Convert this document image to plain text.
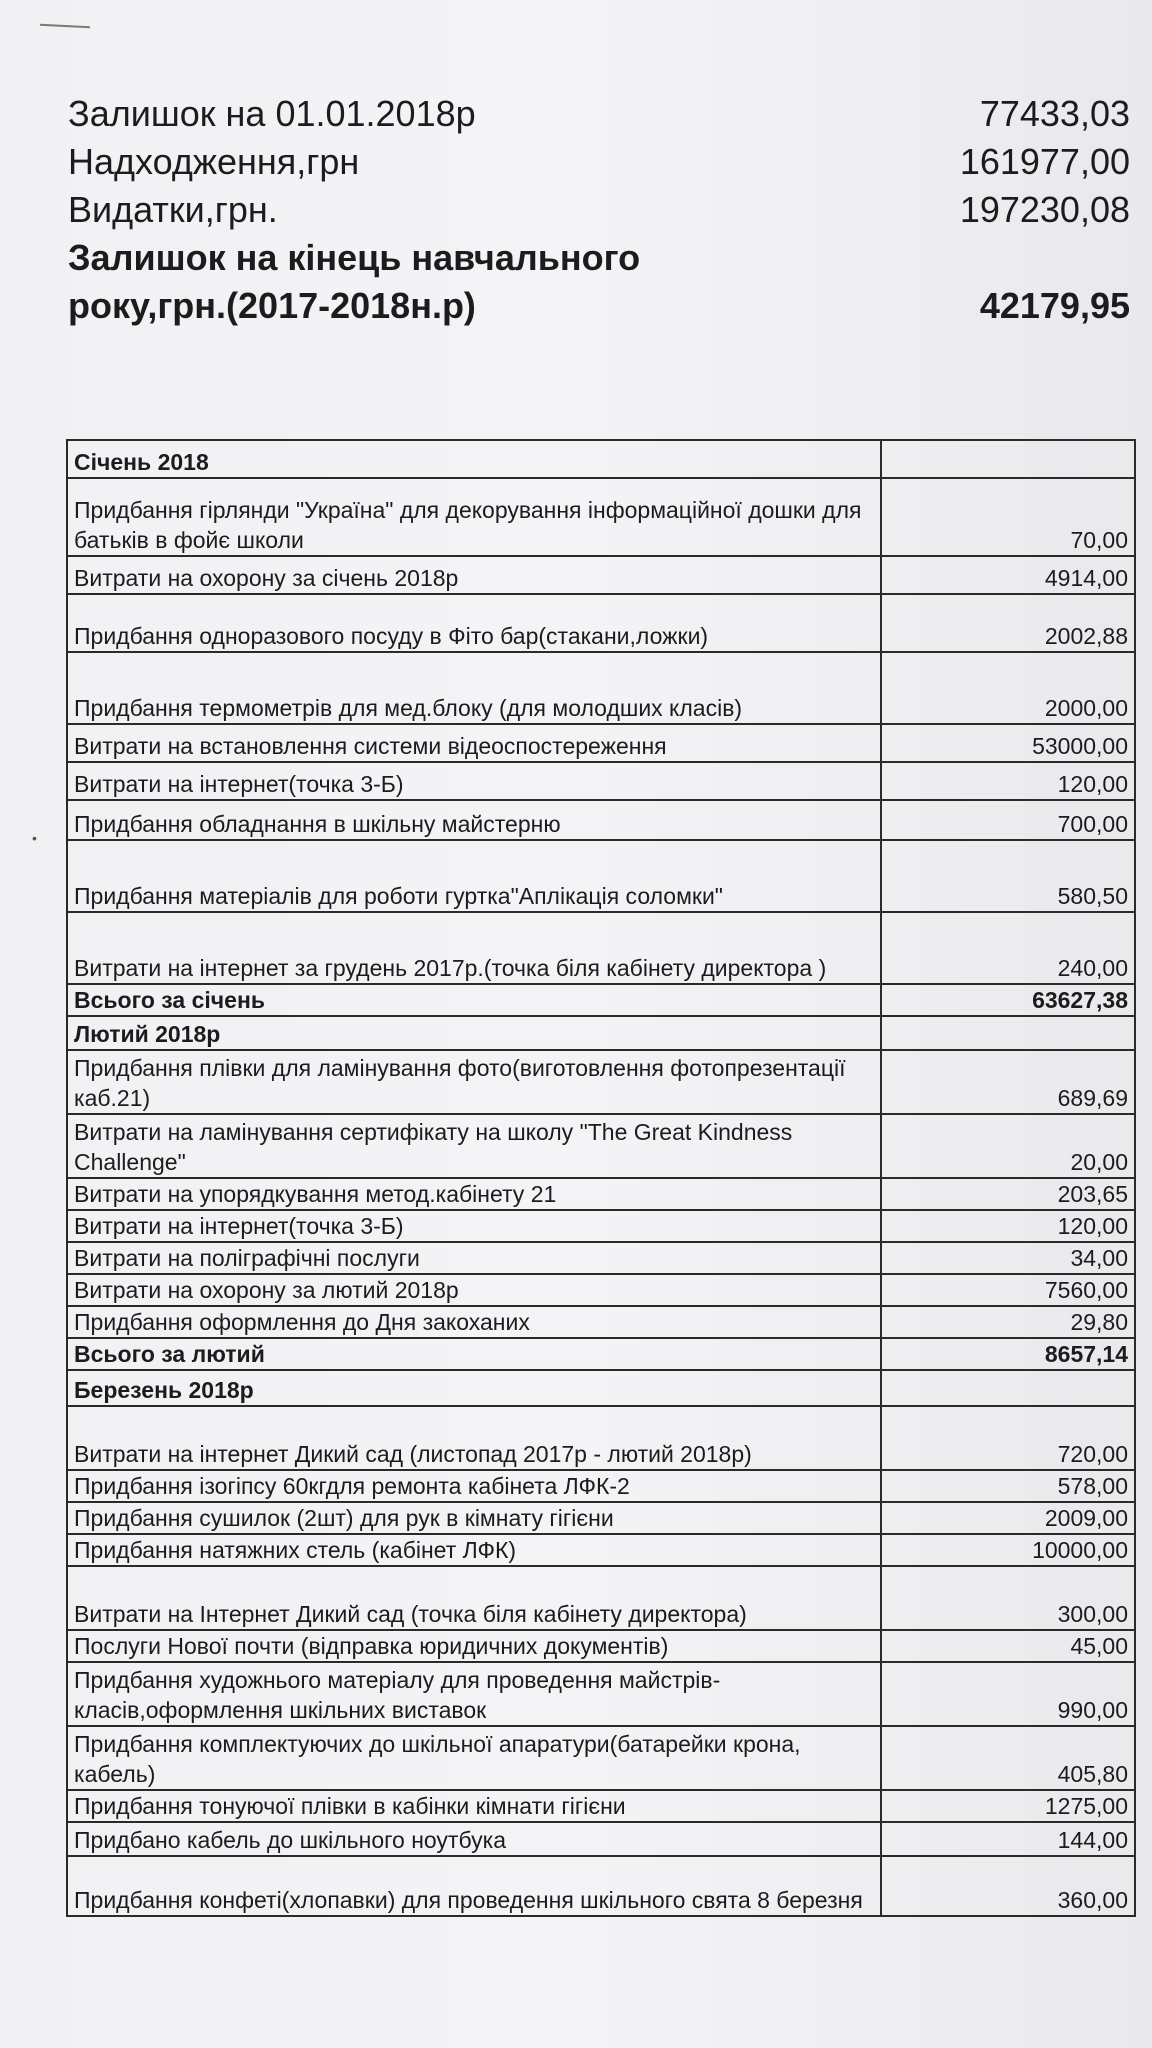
•
Залишок на 01.01.2018р	77433,03
Надходження,грн	161977,00
Видатки,грн.	197230,08
Залишок на кінець навчального року,грн.(2017-2018н.р)	42179,95
Січень 2018	
Придбання гірлянди "Україна" для декорування інформаційної дошки для батьків в фойє школи	70,00
Витрати на охорону за січень 2018р	4914,00
Придбання одноразового посуду в Фіто бар(стакани,ложки)	2002,88
Придбання термометрів для мед.блоку (для молодших класів)	2000,00
Витрати на встановлення системи відеоспостереження	53000,00
Витрати на інтернет(точка 3-Б)	120,00
Придбання обладнання в шкільну майстерню	700,00
Придбання матеріалів для роботи гуртка"Аплікація соломки"	580,50
Витрати на інтернет за грудень 2017р.(точка біля кабінету директора )	240,00
Всього за січень	63627,38
Лютий 2018р	
Придбання плівки для ламінування фото(виготовлення фотопрезентації каб.21)	689,69
Витрати на ламінування сертифікату на школу "The Great Kindness Challenge"	20,00
Витрати на упорядкування метод.кабінету 21	203,65
Витрати на інтернет(точка 3-Б)	120,00
Витрати на поліграфічні послуги	34,00
Витрати на охорону за лютий 2018р	7560,00
Придбання оформлення до Дня закоханих	29,80
Всього за лютий	8657,14
Березень 2018р	
Витрати на інтернет Дикий сад (листопад 2017р - лютий 2018р)	720,00
Придбання ізогіпсу 60кгдля ремонта кабінета ЛФК-2	578,00
Придбання сушилок (2шт) для рук в кімнату гігієни	2009,00
Придбання натяжних стель (кабінет ЛФК)	10000,00
Витрати на Інтернет Дикий сад (точка біля кабінету директора)	300,00
Послуги Нової почти (відправка юридичних документів)	45,00
Придбання художнього матеріалу для проведення майстрів-класів,оформлення шкільних виставок	990,00
Придбання комплектуючих до шкільної апаратури(батарейки крона, кабель)	405,80
Придбання тонуючої плівки в кабінки кімнати гігієни	1275,00
Придбано кабель до шкільного ноутбука	144,00
Придбання конфеті(хлопавки) для проведення шкільного свята 8 березня	360,00
